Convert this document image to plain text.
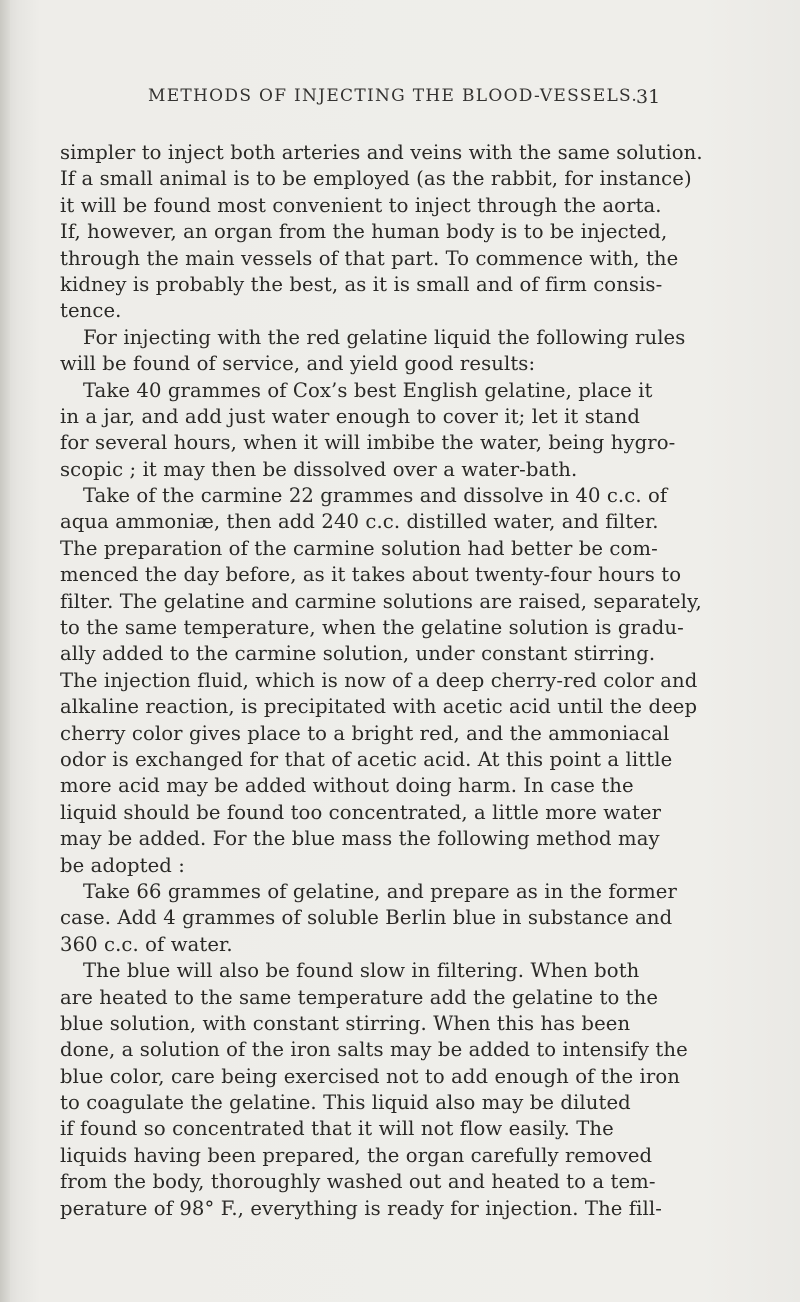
METHODS OF INJECTING THE BLOOD-VESSELS.
31
simpler to inject both arteries and veins with the same solution.
If a small animal is to be employed (as the rabbit, for instance)
it will be found most convenient to inject through the aorta.
If, however, an organ from the human body is to be injected,
through the main vessels of that part. To commence with, the
kidney is probably the best, as it is small and of firm consis-
tence.
For injecting with the red gelatine liquid the following rules
will be found of service, and yield good results:
Take 40 grammes of Cox’s best English gelatine, place it
in a jar, and add just water enough to cover it; let it stand
for several hours, when it will imbibe the water, being hygro-
scopic ; it may then be dissolved over a water-bath.
Take of the carmine 22 grammes and dissolve in 40 c.c. of
aqua ammoniæ, then add 240 c.c. distilled water, and filter.
The preparation of the carmine solution had better be com-
menced the day before, as it takes about twenty-four hours to
filter. The gelatine and carmine solutions are raised, separately,
to the same temperature, when the gelatine solution is gradu-
ally added to the carmine solution, under constant stirring.
The injection fluid, which is now of a deep cherry-red color and
alkaline reaction, is precipitated with acetic acid until the deep
cherry color gives place to a bright red, and the ammoniacal
odor is exchanged for that of acetic acid. At this point a little
more acid may be added without doing harm. In case the
liquid should be found too concentrated, a little more water
may be added. For the blue mass the following method may
be adopted :
Take 66 grammes of gelatine, and prepare as in the former
case. Add 4 grammes of soluble Berlin blue in substance and
360 c.c. of water.
The blue will also be found slow in filtering. When both
are heated to the same temperature add the gelatine to the
blue solution, with constant stirring. When this has been
done, a solution of the iron salts may be added to intensify the
blue color, care being exercised not to add enough of the iron
to coagulate the gelatine. This liquid also may be diluted
if found so concentrated that it will not flow easily. The
liquids having been prepared, the organ carefully removed
from the body, thoroughly washed out and heated to a tem-
perature of 98° F., everything is ready for injection. The fill-
